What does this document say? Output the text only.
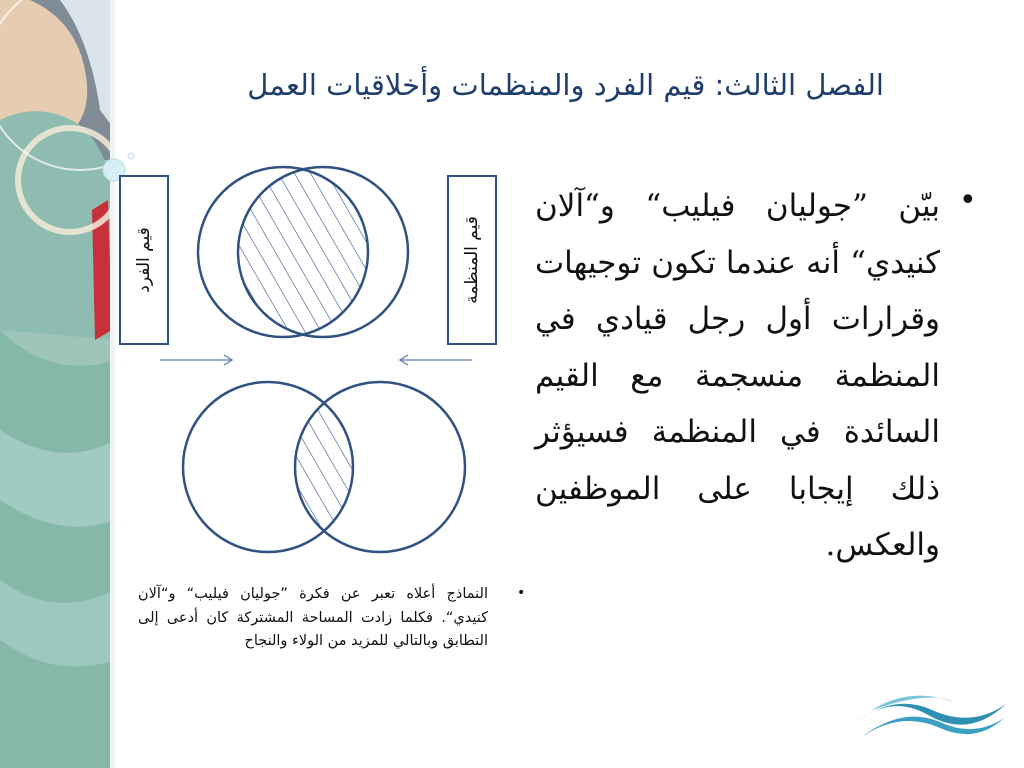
الفصل الثالث: قيم الفرد والمنظمات وأخلاقيات العمل
•
بيّن ”جوليان فيليب“ و“آلان كنيدي“ أنه عندما تكون توجيهات وقرارات أول رجل قيادي في المنظمة منسجمة مع القيم السائدة في المنظمة فسيؤثر ذلك إيجابا على الموظفين والعكس.
قيم الفرد	قيم المنظمة
•
النماذج أعلاه تعبر عن فكرة ”جوليان فيليب“ و“آلان كنيدي“. فكلما زادت المساحة المشتركة كان أدعى إلى التطابق وبالتالي للمزيد من الولاء والنجاح
